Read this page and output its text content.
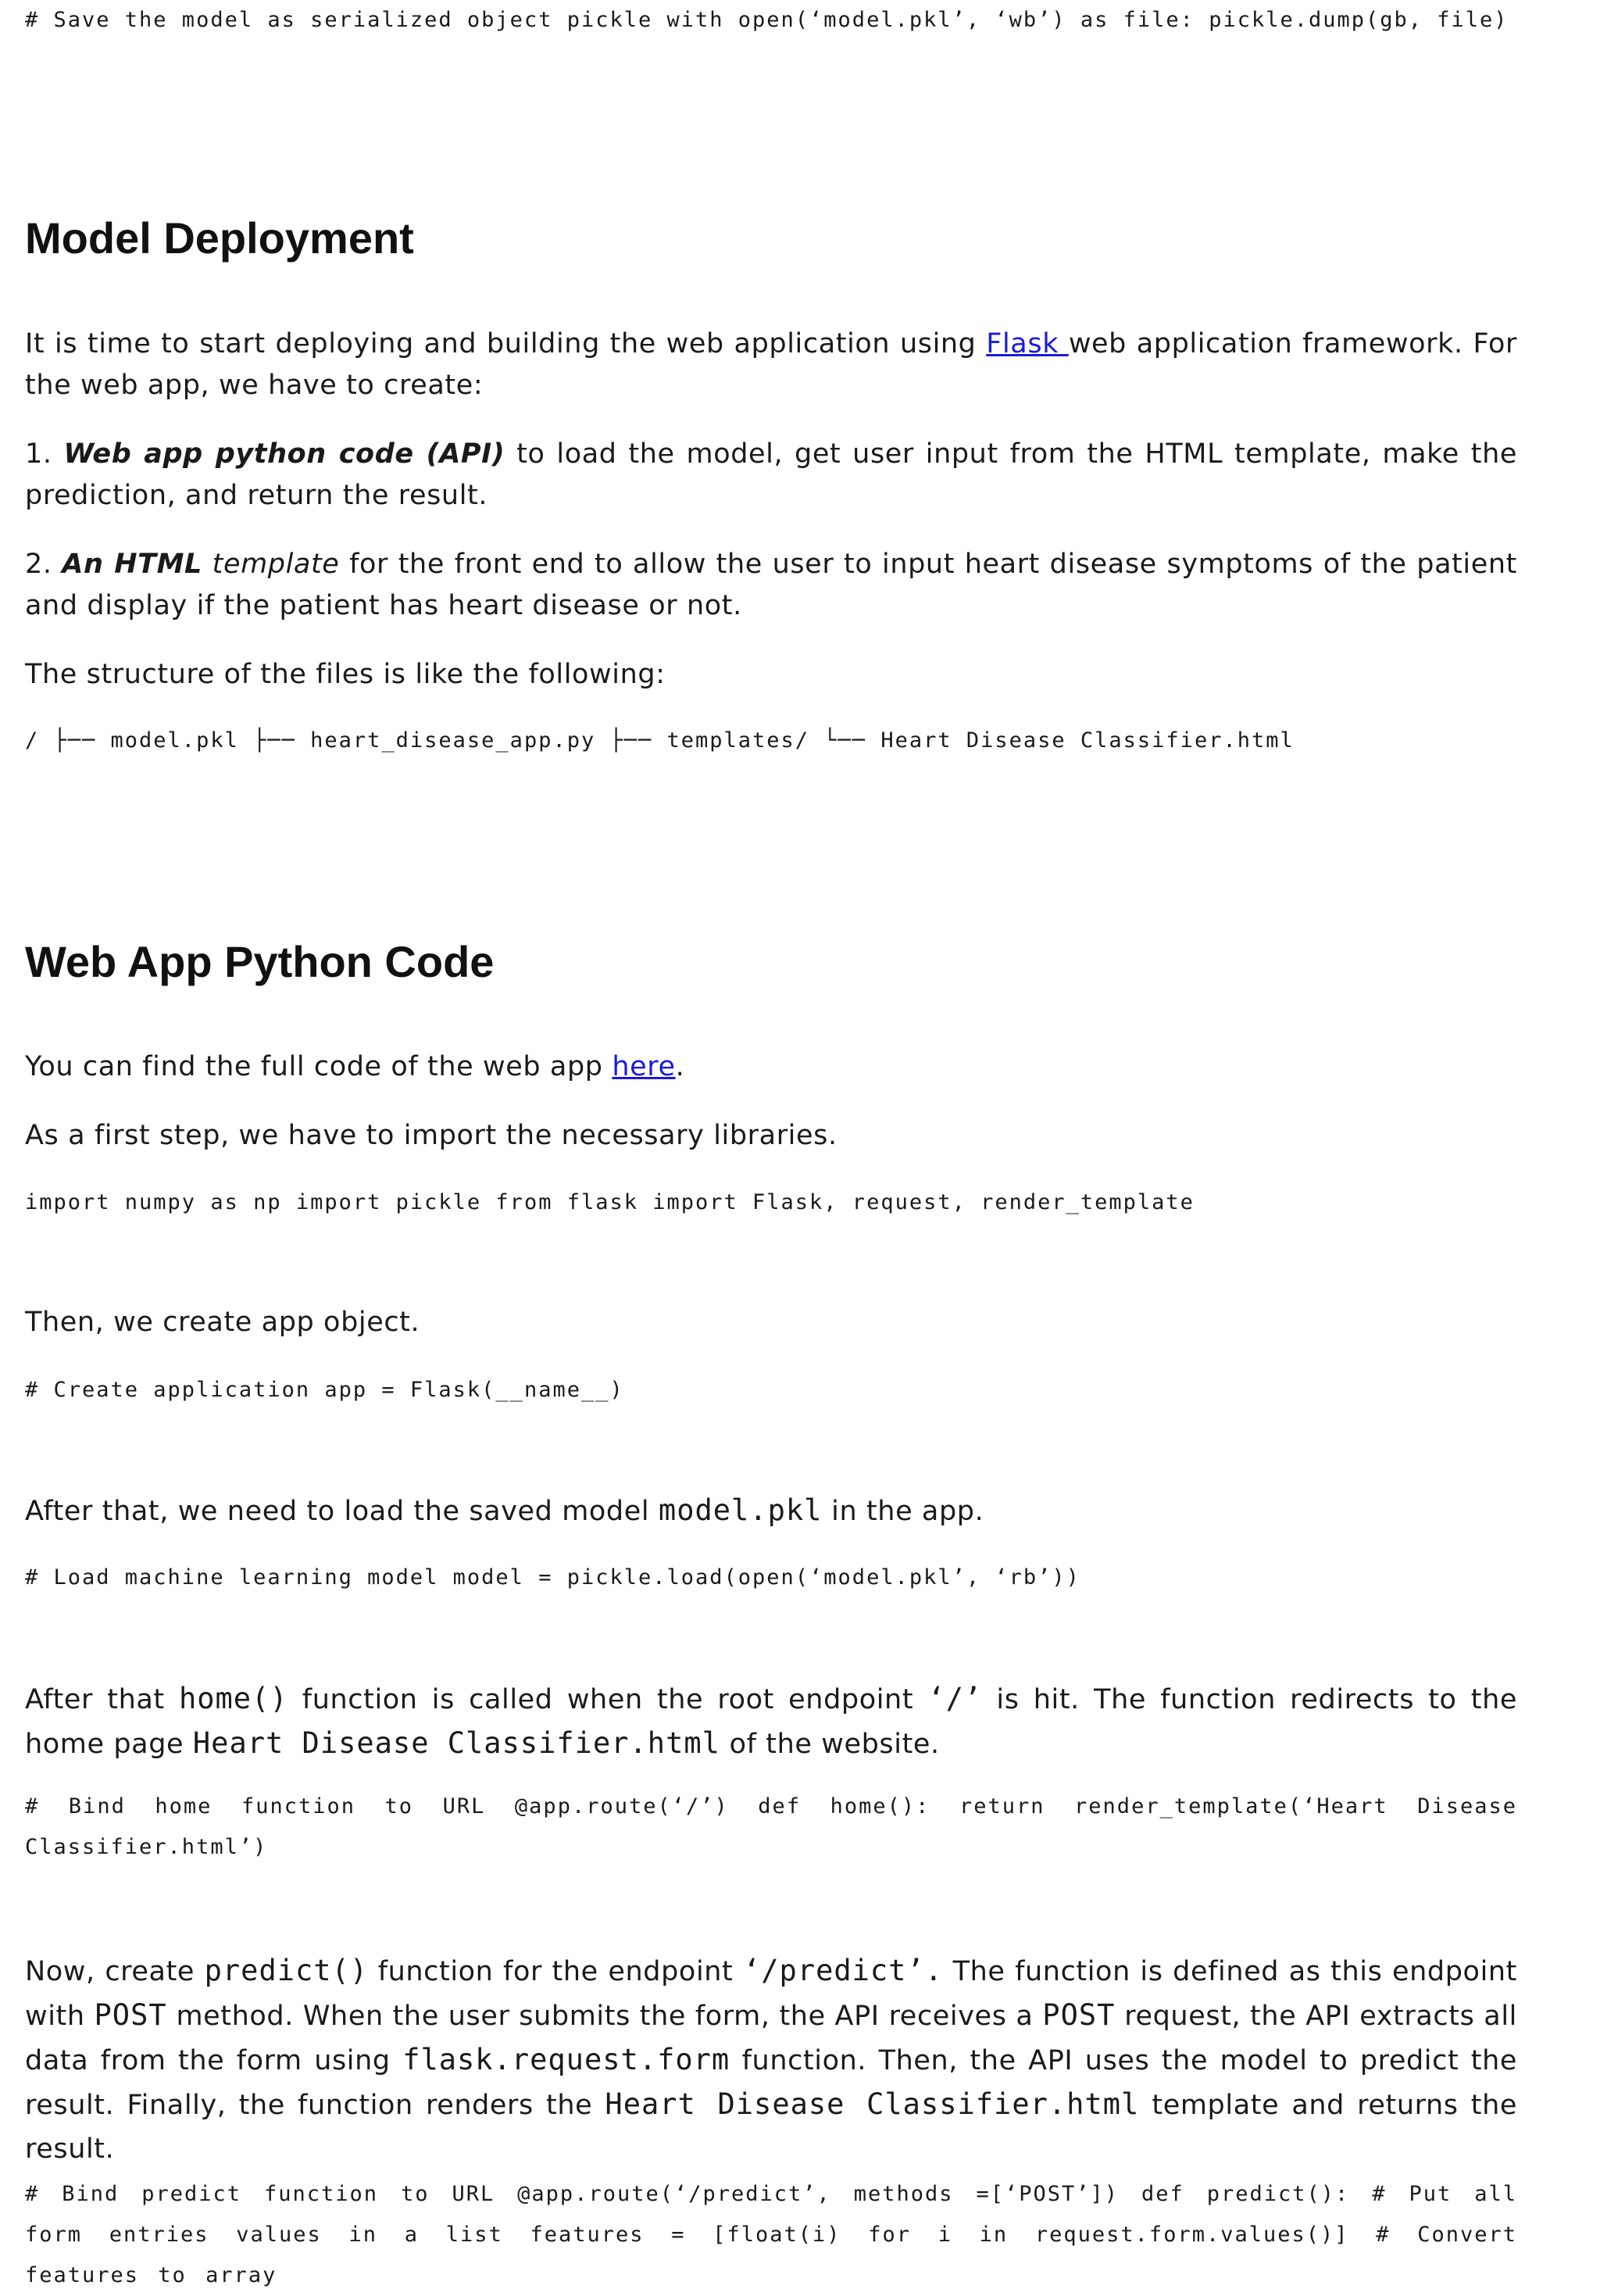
# Save the model as serialized object pickle with open(‘model.pkl’, ‘wb’) as file: pickle.dump(gb, file)
Model Deployment

It is time to start deploying and building the web application using Flask web application framework. For the web app, we have to create:

1. Web app python code (API) to load the model, get user input from the HTML template, make the prediction, and return the result.

2. An HTML template for the front end to allow the user to input heart disease symptoms of the patient and display if the patient has heart disease or not.

The structure of the files is like the following:

/ ├── model.pkl ├── heart_disease_app.py ├── templates/ └── Heart Disease Classifier.html
Web App Python Code

You can find the full code of the web app here.

As a first step, we have to import the necessary libraries.

import numpy as np import pickle from flask import Flask, request, render_template

Then, we create app object.

# Create application app = Flask(__name__)

After that, we need to load the saved model model.pkl in the app.

# Load machine learning model model = pickle.load(open(‘model.pkl’, ‘rb’))

After that home() function is called when the root endpoint ‘/’ is hit. The function redirects to the home page Heart Disease Classifier.html of the website.

# Bind home function to URL @app.route(‘/’) def home(): return render_template(‘Heart Disease Classifier.html’)

Now, create predict() function for the endpoint ‘/predict’. The function is defined as this endpoint with POST method. When the user submits the form, the API receives a POST request, the API extracts all data from the form using flask.request.form function. Then, the API uses the model to predict the result. Finally, the function renders the Heart Disease Classifier.html template and returns the result.

# Bind predict function to URL @app.route(‘/predict’, methods =[‘POST’]) def predict(): # Put all form entries values in a list features = [float(i) for i in request.form.values()] # Convert features to array
